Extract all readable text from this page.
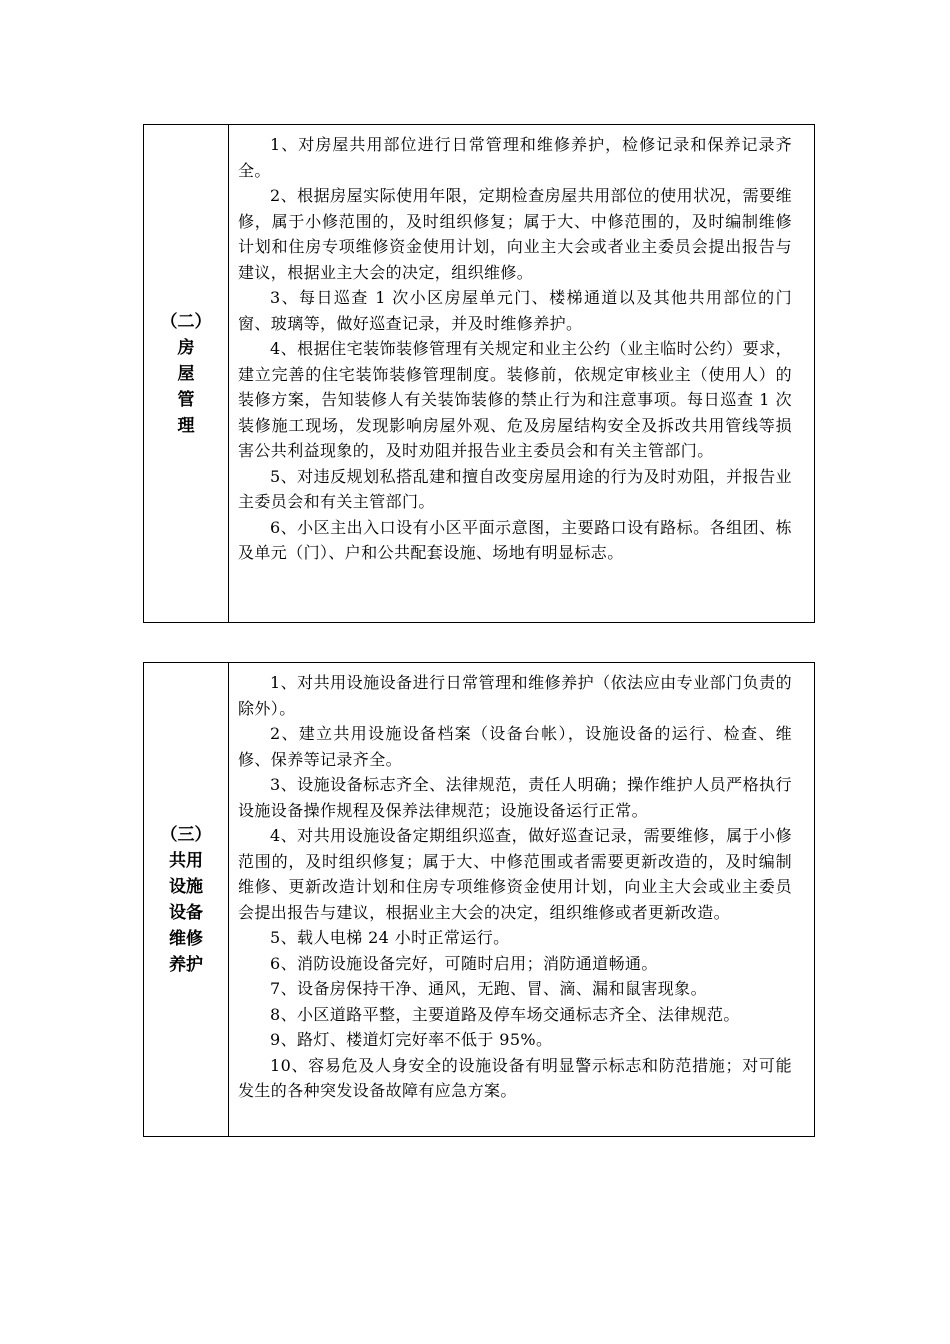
（二）
房
屋
管
理

1、对房屋共用部位进行日常管理和维修养护，检修记录和保养记录齐全。

2、根据房屋实际使用年限，定期检查房屋共用部位的使用状况，需要维修，属于小修范围的，及时组织修复；属于大、中修范围的，及时编制维修计划和住房专项维修资金使用计划，向业主大会或者业主委员会提出报告与建议，根据业主大会的决定，组织维修。

3、每日巡查 1 次小区房屋单元门、楼梯通道以及其他共用部位的门窗、玻璃等，做好巡查记录，并及时维修养护。

4、根据住宅装饰装修管理有关规定和业主公约（业主临时公约）要求，建立完善的住宅装饰装修管理制度。装修前，依规定审核业主（使用人）的装修方案，告知装修人有关装饰装修的禁止行为和注意事项。每日巡查 1 次装修施工现场，发现影响房屋外观、危及房屋结构安全及拆改共用管线等损害公共利益现象的，及时劝阻并报告业主委员会和有关主管部门。

5、对违反规划私搭乱建和擅自改变房屋用途的行为及时劝阻，并报告业主委员会和有关主管部门。

6、小区主出入口设有小区平面示意图，主要路口设有路标。各组团、栋及单元（门）、户和公共配套设施、场地有明显标志。

（三）
共用
设施
设备
维修
养护

1、对共用设施设备进行日常管理和维修养护（依法应由专业部门负责的除外）。

2、建立共用设施设备档案（设备台帐），设施设备的运行、检查、维修、保养等记录齐全。

3、设施设备标志齐全、法律规范，责任人明确；操作维护人员严格执行设施设备操作规程及保养法律规范；设施设备运行正常。

4、对共用设施设备定期组织巡查，做好巡查记录，需要维修，属于小修范围的，及时组织修复；属于大、中修范围或者需要更新改造的，及时编制维修、更新改造计划和住房专项维修资金使用计划，向业主大会或业主委员会提出报告与建议，根据业主大会的决定，组织维修或者更新改造。

5、载人电梯 24 小时正常运行。

6、消防设施设备完好，可随时启用；消防通道畅通。

7、设备房保持干净、通风，无跑、冒、滴、漏和鼠害现象。

8、小区道路平整，主要道路及停车场交通标志齐全、法律规范。

9、路灯、楼道灯完好率不低于 95%。

10、容易危及人身安全的设施设备有明显警示标志和防范措施；对可能发生的各种突发设备故障有应急方案。
